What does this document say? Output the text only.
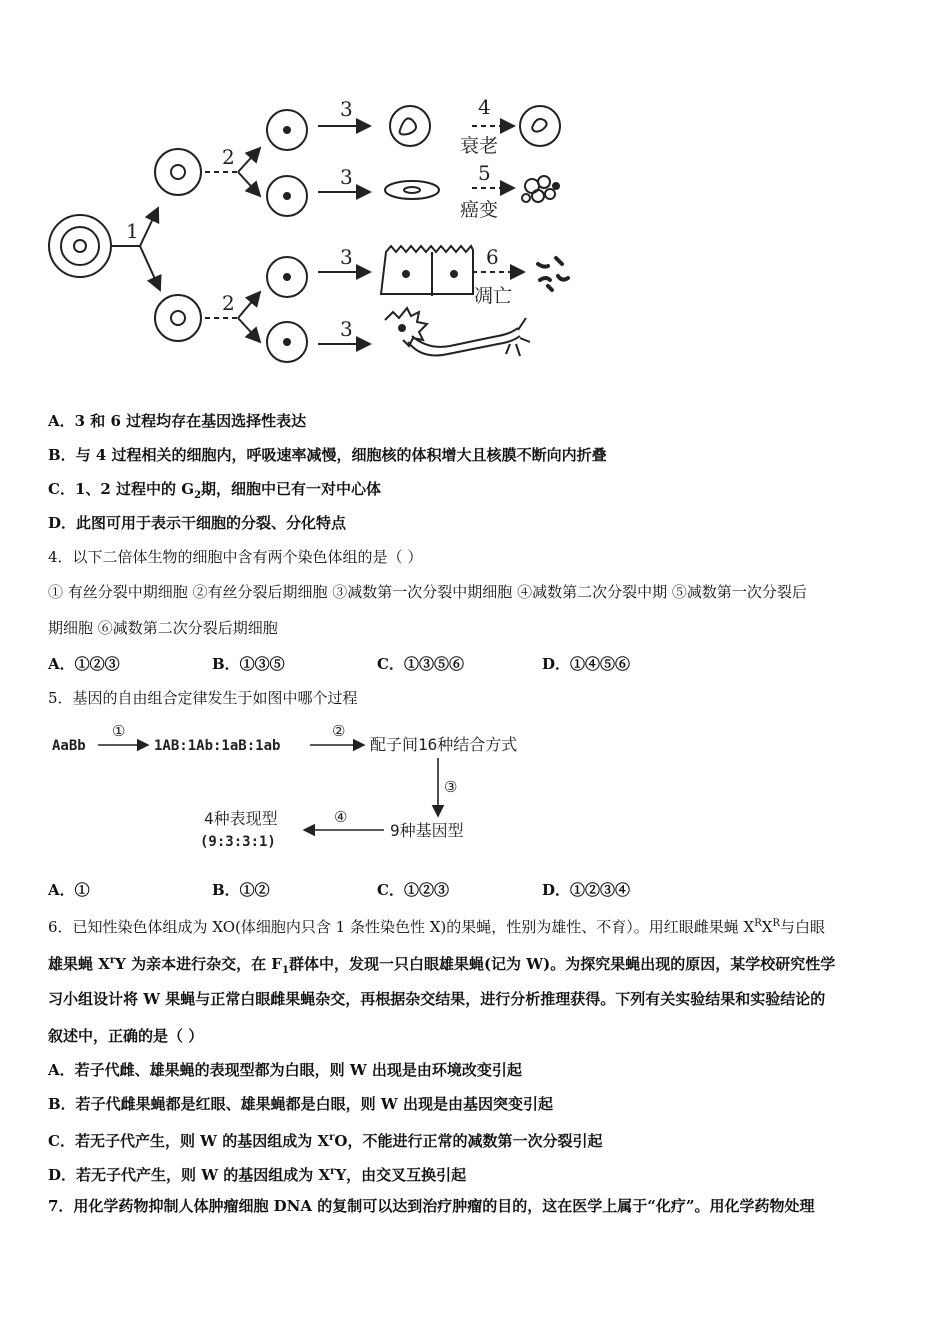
1
2
2
3
3
3
3
4
5
6
衰老
癌变
凋亡
A．3 和 6 过程均存在基因选择性表达
B．与 4 过程相关的细胞内，呼吸速率减慢，细胞核的体积增大且核膜不断向内折叠
C．1、2 过程中的 $G_2$期，细胞中已有一对中心体
D．此图可用于表示干细胞的分裂、分化特点
4．以下二倍体生物的细胞中含有两个染色体组的是（ ）
① 有丝分裂中期细胞 ②有丝分裂后期细胞 ③减数第一次分裂中期细胞 ④减数第二次分裂中期 ⑤减数第一次分裂后
期细胞 ⑥减数第二次分裂后期细胞
A．①②③	B．①③⑤	C．①③⑤⑥	D．①④⑤⑥
5．基因的自由组合定律发生于如图中哪个过程
AaBb
①
1AB:1Ab:1aB:1ab
②
配子间16种结合方式
③
9种基因型
④
4种表现型
(9:3:3:1)
A．①	B．①②	C．①②③	D．①②③④
6．已知性染色体组成为 XO(体细胞内只含 1 条性染色性 X)的果蝇，性别为雄性、不育）。用红眼雌果蝇 $X^RX^R$与白眼
雄果蝇 $X^rY$ 为亲本进行杂交，在 $F_1$群体中，发现一只白眼雄果蝇(记为 W)。为探究果蝇出现的原因，某学校研究性学
习小组设计将 W 果蝇与正常白眼雌果蝇杂交，再根据杂交结果，进行分析推理获得。下列有关实验结果和实验结论的
叙述中，正确的是（ ）
A．若子代雌、雄果蝇的表现型都为白眼，则 W 出现是由环境改变引起
B．若子代雌果蝇都是红眼、雄果蝇都是白眼，则 W 出现是由基因突变引起
C．若无子代产生，则 W 的基因组成为 $X^rO$，不能进行正常的减数第一次分裂引起
D．若无子代产生，则 W 的基因组成为 $X^rY$，由交叉互换引起
7．用化学药物抑制人体肿瘤细胞 DNA 的复制可以达到治疗肿瘤的目的，这在医学上属于“化疗”。用化学药物处理
